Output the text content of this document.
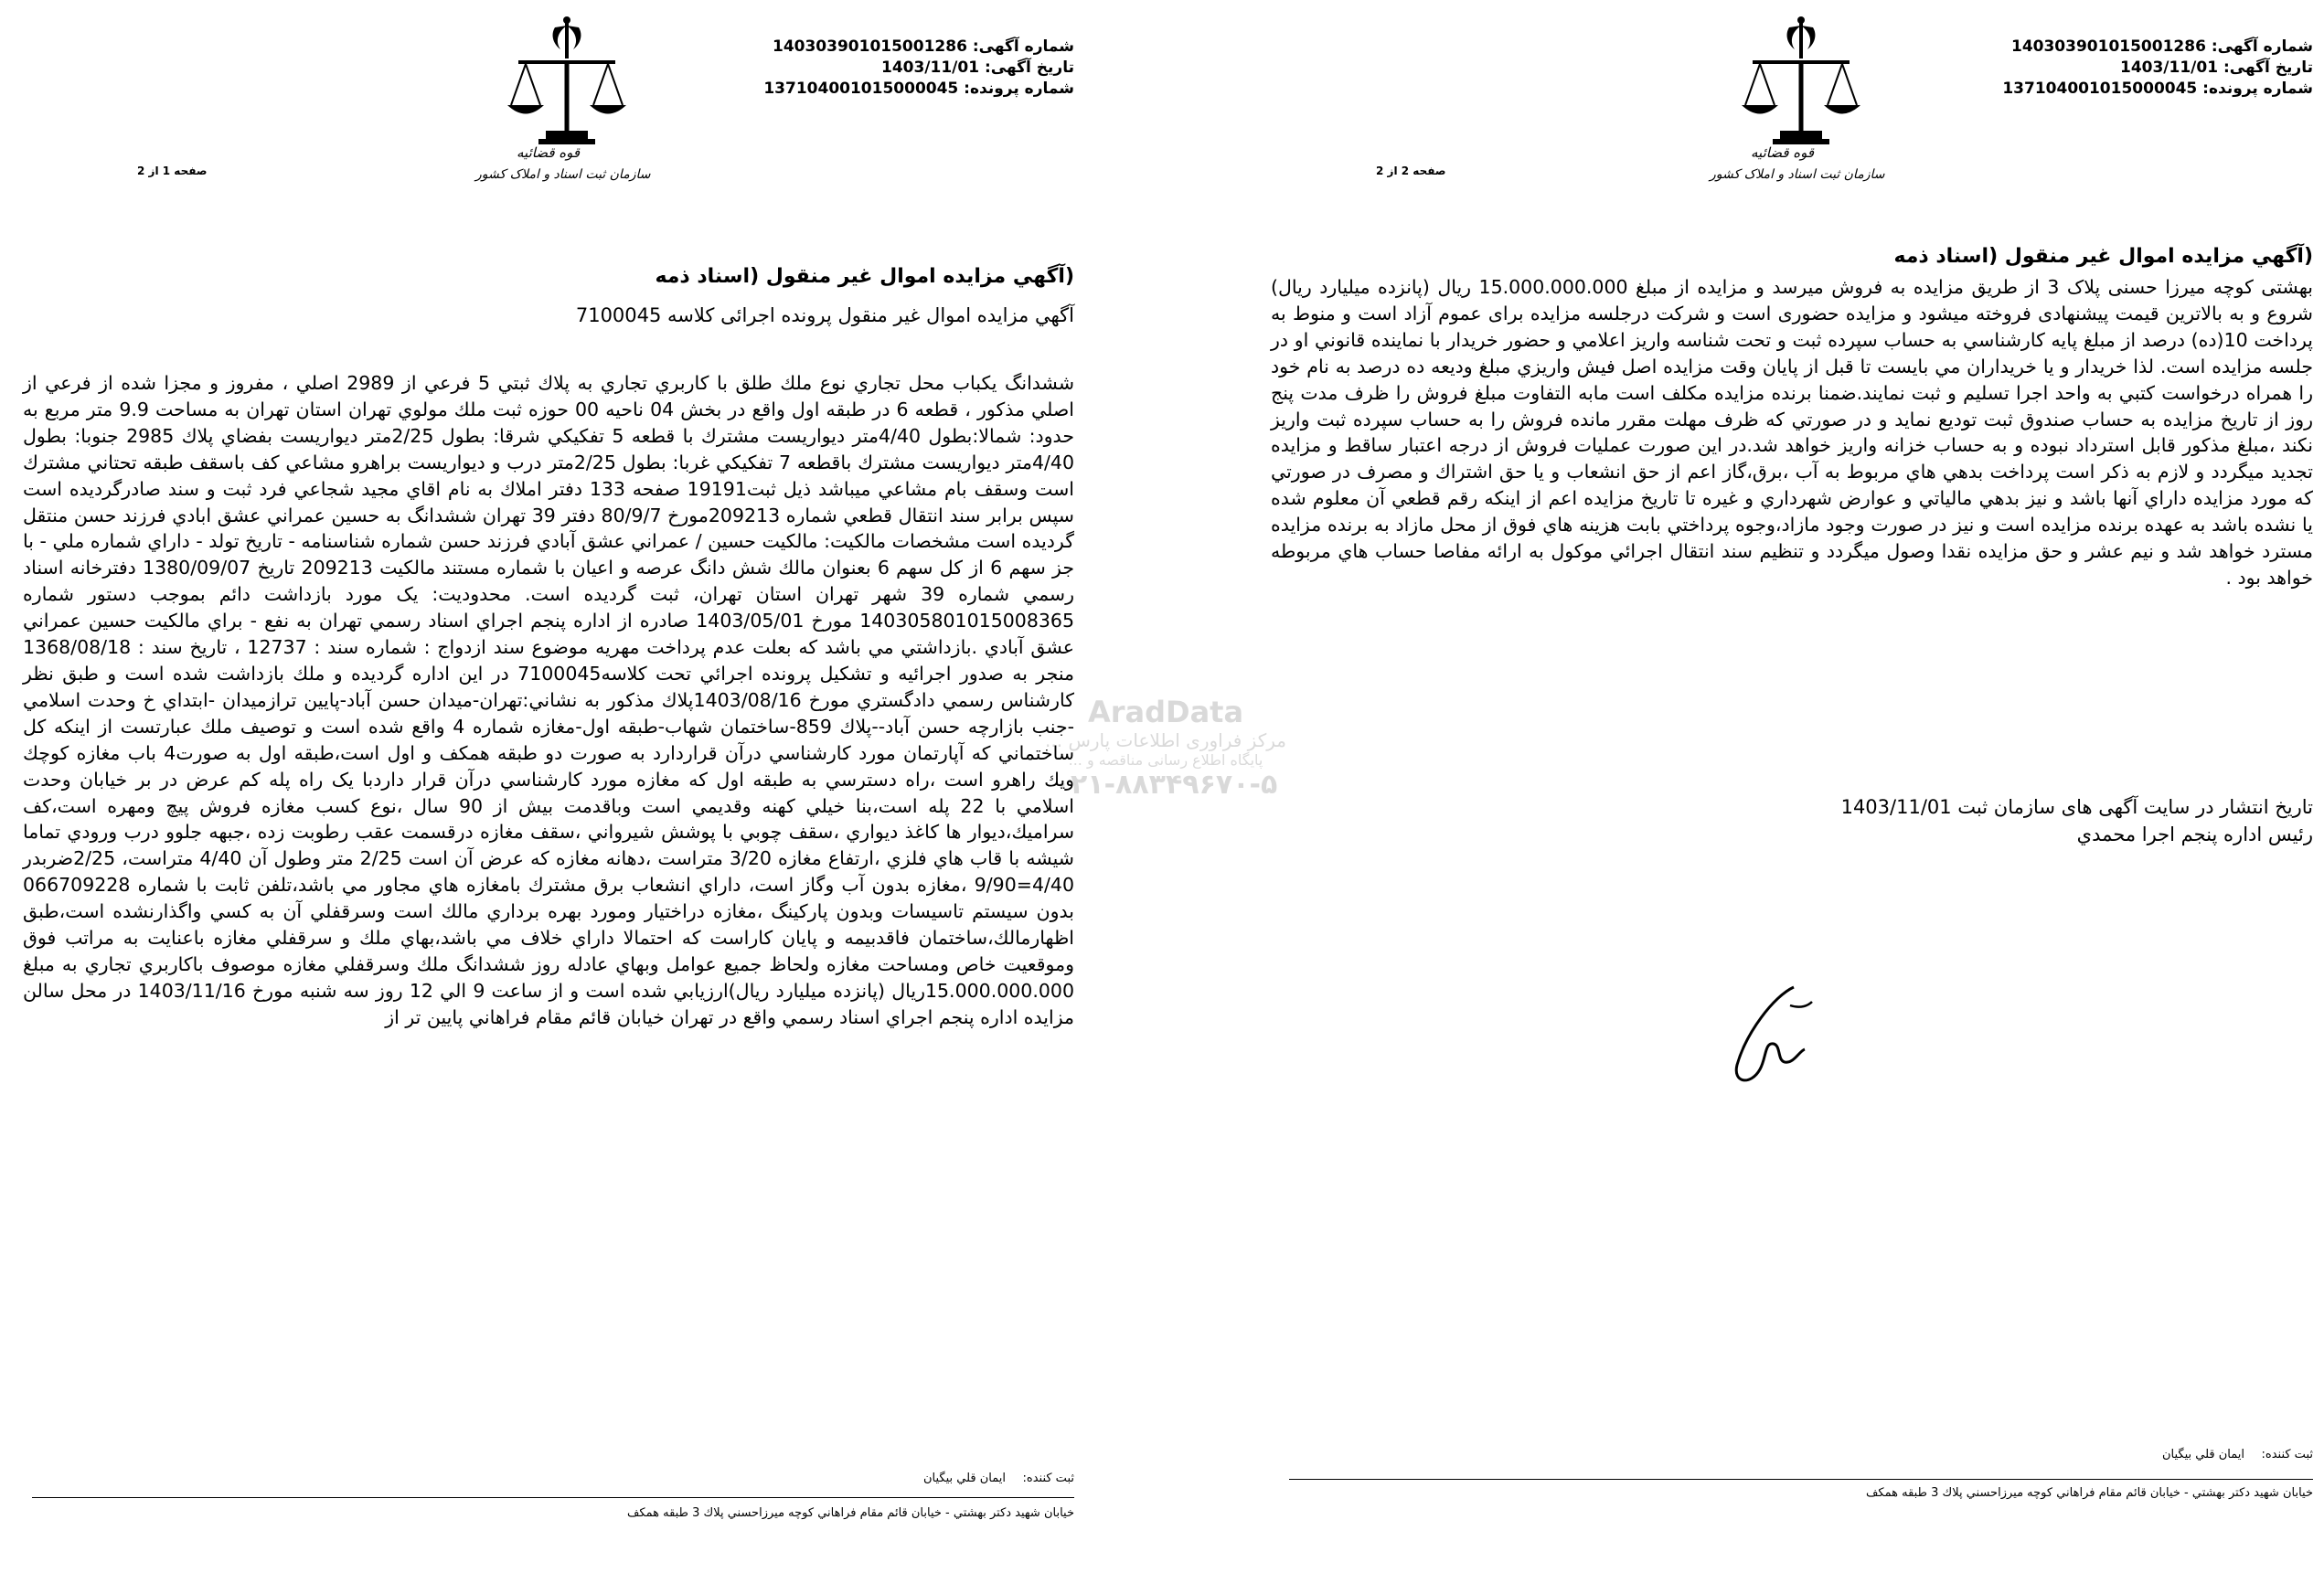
AradData
مرکز فراوری اطلاعات پارس ...
پایگاه اطلاع رسانی مناقصه و ...
۰۲۱-۸۸۳۴۹۶۷۰-۵
شماره آگهی: 140303901015001286
تاریخ آگهی: 1403/11/01
شماره پرونده: 137104001015000045
قوه قضائیه
سازمان ثبت اسناد و املاک کشور
صفحه 2 از 2
(آگهي مزايده اموال غير منقول (اسناد ذمه

بهشتی کوچه میرزا حسنی پلاک 3 از طریق مزایده به فروش میرسد و مزایده از مبلغ 15.000.000.000 ریال (پانزده میلیارد ریال) شروع و به بالاترین قیمت پیشنهادی فروخته میشود و مزایده حضوری است و شرکت درجلسه مزایده برای عموم آزاد است و منوط به پرداخت 10(ده) درصد از مبلغ پایه کارشناسي به حساب سپرده ثبت و تحت شناسه واريز اعلامي و حضور خريدار با نماينده قانوني او در جلسه مزايده است. لذا خريدار و يا خريداران مي بايست تا قبل از پايان وقت مزايده اصل فيش واريزي مبلغ وديعه ده درصد به نام خود را همراه درخواست كتبي به واحد اجرا تسليم و ثبت نمايند.ضمنا برنده مزايده مكلف است مابه التفاوت مبلغ فروش را ظرف مدت پنج روز از تاريخ مزايده به حساب صندوق ثبت توديع نمايد و در صورتي كه ظرف مهلت مقرر مانده فروش را به حساب سپرده ثبت واريز نكند ،مبلغ مذكور قابل استرداد نبوده و به حساب خزانه واريز خواهد شد.در اين صورت عمليات فروش از درجه اعتبار ساقط و مزايده تجديد ميگردد و لازم به ذكر است پرداخت بدهي هاي مربوط به آب ،برق،گاز اعم از حق انشعاب و يا حق اشتراك و مصرف در صورتي كه مورد مزايده داراي آنها باشد و نيز بدهي مالياتي و عوارض شهرداري و غيره تا تاريخ مزايده اعم از اينكه رقم قطعي آن معلوم شده يا نشده باشد به عهده برنده مزايده است و نيز در صورت وجود مازاد،وجوه پرداختي بابت هزينه هاي فوق از محل مازاد به برنده مزايده مسترد خواهد شد و نيم عشر و حق مزايده نقدا وصول ميگردد و تنظيم سند انتقال اجرائي موكول به ارائه مفاصا حساب هاي مربوطه خواهد بود .

تاریخ انتشار در سایت آگهی های سازمان ثبت 1403/11/01
رئیس اداره پنجم اجرا محمدي
ثبت کننده:
ایمان قلي بیگیان
خيابان شهيد دكتر بهشتي - خيابان قائم مقام فراهاني كوچه ميرزاحسني پلاك 3 طبقه همكف
شماره آگهی: 140303901015001286
تاریخ آگهی: 1403/11/01
شماره پرونده: 137104001015000045
قوه قضائیه
سازمان ثبت اسناد و املاک کشور
صفحه 1 از 2
(آگهي مزايده اموال غير منقول (اسناد ذمه
آگهي مزايده اموال غير منقول پرونده اجرائی کلاسه 7100045

ششدانگ يكباب محل تجاري نوع ملك طلق با كاربري تجاري به پلاك ثبتي 5 فرعي از 2989 اصلي ، مفروز و مجزا شده از فرعي از اصلي مذكور ، قطعه 6 در طبقه اول واقع در بخش 04 ناحيه 00 حوزه ثبت ملك مولوي تهران استان تهران به مساحت 9.9 متر مربع به حدود: شمالا:بطول 4/40متر ديواريست مشترك با قطعه 5 تفكيكي شرقا: بطول 2/25متر ديواريست بفضاي پلاك 2985 جنوبا: بطول 4/40متر ديواريست مشترك باقطعه 7 تفكيكي غربا: بطول 2/25متر درب و ديواريست براهرو مشاعي كف باسقف طبقه تحتاني مشترك است وسقف بام مشاعي ميباشد ذيل ثبت19191 صفحه 133 دفتر املاك به نام اقاي مجيد شجاعي فرد ثبت و سند صادرگرديده است سپس برابر سند انتقال قطعي شماره 209213مورخ 80/9/7 دفتر 39 تهران ششدانگ به حسين عمراني عشق ابادي فرزند حسن منتقل گرديده است مشخصات مالكيت: مالكيت حسين / عمراني عشق آبادي فرزند حسن شماره شناسنامه - تاريخ تولد - داراي شماره ملي - با جز سهم 6 از كل سهم 6 بعنوان مالك شش دانگ عرصه و اعيان با شماره مستند مالكيت 209213 تاريخ 1380/09/07 دفترخانه اسناد رسمي شماره 39 شهر تهران استان تهران، ثبت گرديده است. محدوديت: يک مورد بازداشت دائم بموجب دستور شماره 140305801015008365 مورخ 1403/05/01 صادره از اداره پنجم اجراي اسناد رسمي تهران به نفع - براي مالكيت حسين عمراني عشق آبادي .بازداشتي مي باشد كه بعلت عدم پرداخت مهريه موضوع سند ازدواج : شماره سند : 12737 ، تاريخ سند : 1368/08/18 منجر به صدور اجرائيه و تشكيل پرونده اجرائي تحت كلاسه7100045 در اين اداره گرديده و ملك بازداشت شده است و طبق نظر كارشناس رسمي دادگستري مورخ 1403/08/16پلاك مذكور به نشاني:تهران-ميدان حسن آباد-پايين ترازميدان -ابتداي خ وحدت اسلامي -جنب بازارچه حسن آباد--پلاك 859-ساختمان شهاب-طبقه اول-مغازه شماره 4 واقع شده است و توصيف ملك عبارتست از اينكه كل ساختماني كه آپارتمان مورد كارشناسي درآن قراردارد به صورت دو طبقه همكف و اول است،طبقه اول به صورت4 باب مغازه كوچك ويك راهرو است ،راه دسترسي به طبقه اول كه مغازه مورد كارشناسي درآن قرار داردبا يک راه پله كم عرض در بر خيابان وحدت اسلامي با 22 پله است،بنا خيلي كهنه وقديمي است وباقدمت بيش از 90 سال ،نوع كسب مغازه فروش پيچ ومهره است،كف سراميك،ديوار ها كاغذ ديواري ،سقف چوبي با پوشش شيرواني ،سقف مغازه درقسمت عقب رطوبت زده ،جبهه جلوو درب ورودي تماما شيشه با قاب هاي فلزي ،ارتفاع مغازه 3/20 متراست ،دهانه مغازه كه عرض آن است 2/25 متر وطول آن 4/40 متراست، 2/25ضربدر 4/40=9/90 ،مغازه بدون آب وگاز است، داراي انشعاب برق مشترك بامغازه هاي مجاور مي باشد،تلفن ثابت با شماره 066709228 بدون سيستم تاسيسات وبدون پاركينگ ،مغازه دراختيار ومورد بهره برداري مالك است وسرقفلي آن به كسي واگذارنشده است،طبق اظهارمالك،ساختمان فاقدبيمه و پايان كاراست كه احتمالا داراي خلاف مي باشد،بهاي ملك و سرقفلي مغازه باعنايت به مراتب فوق وموقعيت خاص ومساحت مغازه ولحاظ جميع عوامل وبهاي عادله روز ششدانگ ملك وسرقفلي مغازه موصوف باكاربري تجاري به مبلغ 15.000.000.000ريال (پانزده ميليارد ريال)ارزيابي شده است و از ساعت 9 الي 12 روز سه شنبه مورخ 1403/11/16 در محل سالن مزايده اداره پنجم اجراي اسناد رسمي واقع در تهران خيابان قائم مقام فراهاني پايين تر از

ثبت کننده:
ایمان قلي بیگیان
خيابان شهيد دكتر بهشتي - خيابان قائم مقام فراهاني كوچه ميرزاحسني پلاك 3 طبقه همكف
